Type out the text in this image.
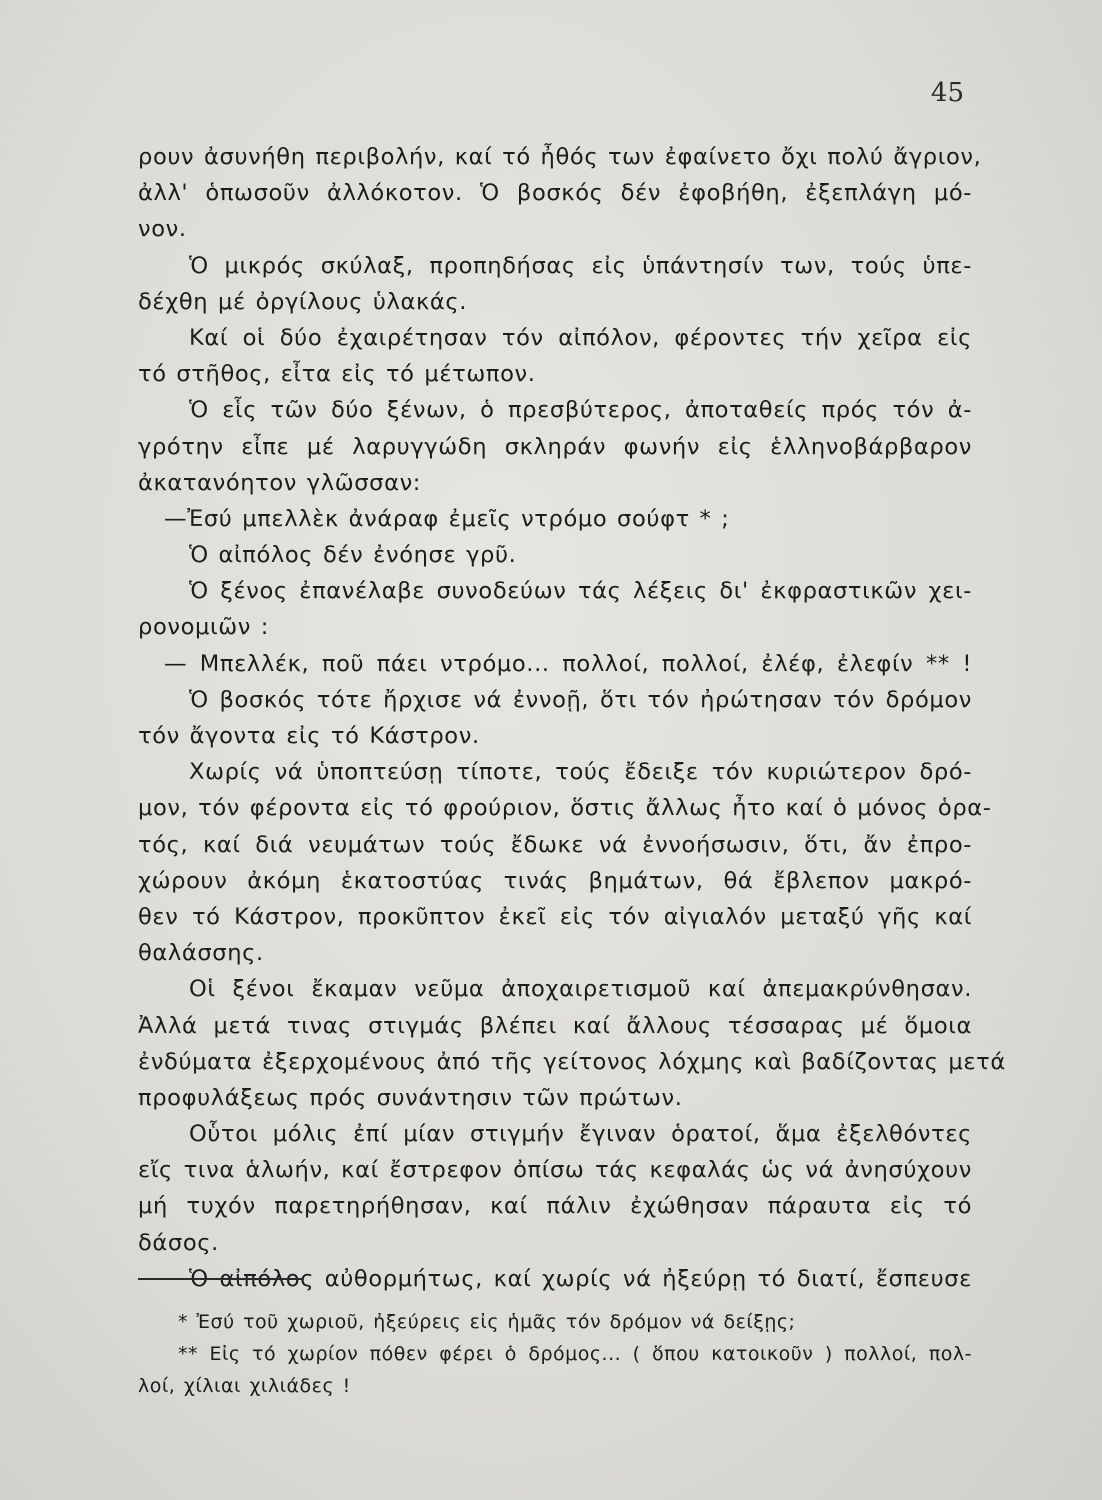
45
ρουν ἀσυνήθη περιβολήν, καί τό ἦθός των ἐφαίνετο ὄχι πολύ ἄγριον,
ἀλλ' ὁπωσοῦν ἀλλόκοτον. Ὁ βοσκός δέν ἐφοβήθη, ἐξεπλάγη μό-
νον.
Ὁ μικρός σκύλαξ, προπηδήσας εἰς ὑπάντησίν των, τούς ὑπε-
δέχθη μέ ὀργίλους ὑλακάς.
Καί οἱ δύο ἐχαιρέτησαν τόν αἰπόλον, φέροντες τήν χεῖρα εἰς
τό στῆθος, εἶτα εἰς τό μέτωπον.
Ὁ εἷς τῶν δύο ξένων, ὁ πρεσβύτερος, ἀποταθείς πρός τόν ἀ-
γρότην εἶπε μέ λαρυγγώδη σκληράν φωνήν εἰς ἑλληνοβάρβαρον
ἀκατανόητον γλῶσσαν:
—Ἐσύ μπελλὲκ ἀνάραφ ἐμεῖς ντρόμο σούφτ * ;
Ὁ αἰπόλος δέν ἐνόησε γρῦ.
Ὁ ξένος ἐπανέλαβε συνοδεύων τάς λέξεις δι' ἐκφραστικῶν χει-
ρονομιῶν :
— Μπελλέκ, ποῦ πάει ντρόμο... πολλοί, πολλοί, ἐλέφ, ἐλεφίν ** !
Ὁ βοσκός τότε ἤρχισε νά ἐννοῇ, ὅτι τόν ἠρώτησαν τόν δρόμον
τόν ἄγοντα εἰς τό Κάστρον.
Χωρίς νά ὑποπτεύσῃ τίποτε, τούς ἔδειξε τόν κυριώτερον δρό-
μον, τόν φέροντα εἰς τό φρούριον, ὅστις ἄλλως ἦτο καί ὁ μόνος ὁρα-
τός, καί διά νευμάτων τούς ἔδωκε νά ἐννοήσωσιν, ὅτι, ἄν ἐπρο-
χώρουν ἀκόμη ἑκατοστύας τινάς βημάτων, θά ἔβλεπον μακρό-
θεν τό Κάστρον, προκῦπτον ἐκεῖ εἰς τόν αἰγιαλόν μεταξύ γῆς καί
θαλάσσης.
Οἱ ξένοι ἔκαμαν νεῦμα ἀποχαιρετισμοῦ καί ἀπεμακρύνθησαν.
Ἀλλά μετά τινας στιγμάς βλέπει καί ἄλλους τέσσαρας μέ ὅμοια
ἐνδύματα ἐξερχομένους ἀπό τῆς γείτονος λόχμης καὶ βαδίζοντας μετά
προφυλάξεως πρός συνάντησιν τῶν πρώτων.
Οὗτοι μόλις ἐπί μίαν στιγμήν ἔγιναν ὁρατοί, ἅμα ἐξελθόντες
εἴς τινα ἁλωήν, καί ἔστρεφον ὀπίσω τάς κεφαλάς ὡς νά ἀνησύχουν
μή τυχόν παρετηρήθησαν, καί πάλιν ἐχώθησαν πάραυτα εἰς τό
δάσος.
Ὁ αἰπόλος αὐθορμήτως, καί χωρίς νά ἠξεύρῃ τό διατί, ἔσπευσε
* Ἐσύ τοῦ χωριοῦ, ἠξεύρεις εἰς ἡμᾶς τόν δρόμον νά δείξῃς;
** Εἰς τό χωρίον πόθεν φέρει ὁ δρόμος... ( ὅπου κατοικοῦν ) πολλοί, πολ-
λοί, χίλιαι χιλιάδες !
